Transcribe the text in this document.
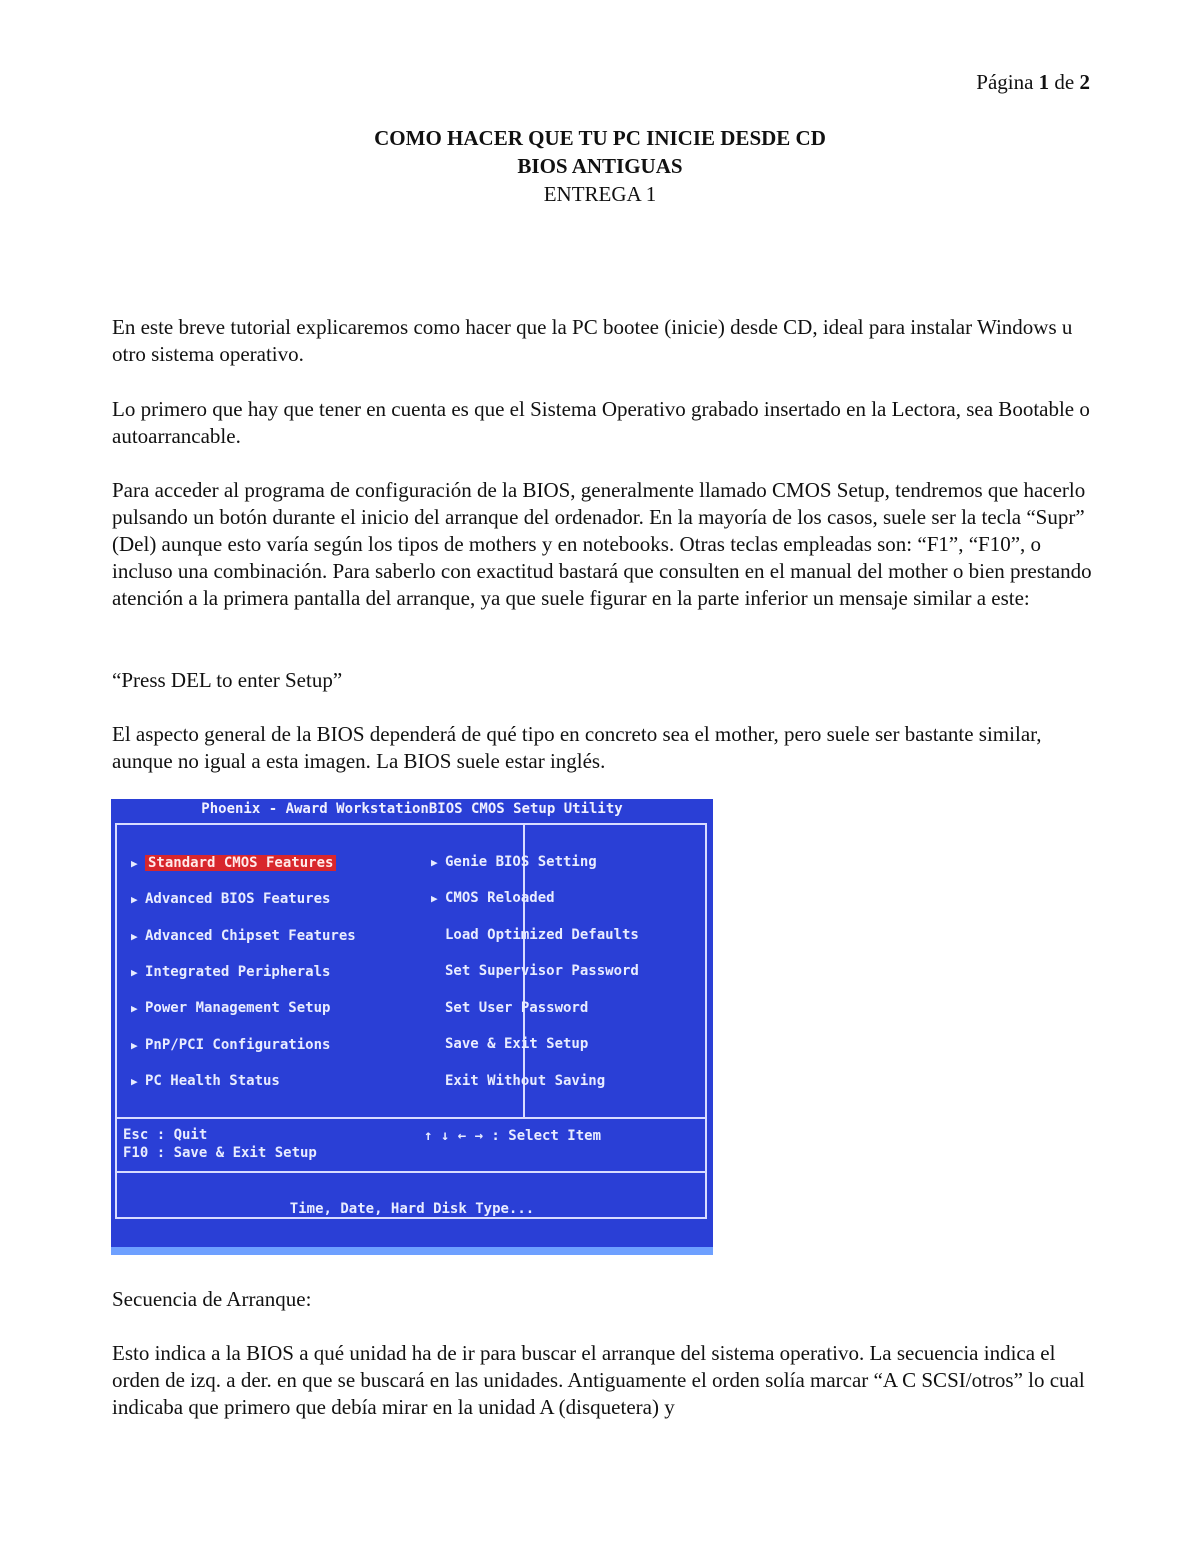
Página 1 de 2
COMO HACER QUE TU PC INICIE DESDE CD
BIOS ANTIGUAS
ENTREGA 1

En este breve tutorial explicaremos como hacer que la PC bootee (inicie) desde CD, ideal para instalar Windows u otro sistema operativo.

Lo primero que hay que tener en cuenta es que el Sistema Operativo grabado insertado en la Lectora, sea Bootable o autoarrancable.

Para acceder al programa de configuración de la BIOS, generalmente llamado CMOS Setup, tendremos que hacerlo pulsando un botón durante el inicio del arranque del ordenador. En la mayoría de los casos, suele ser la tecla “Supr” (Del) aunque esto varía según los tipos de mothers y en notebooks. Otras teclas empleadas son: “F1”, “F10”, o incluso una combinación. Para saberlo con exactitud bastará que consulten en el manual del mother o bien prestando atención a la primera pantalla del arranque, ya que suele figurar en la parte inferior un mensaje similar a este:

“Press DEL to enter Setup”

El aspecto general de la BIOS dependerá de qué tipo en concreto sea el mother, pero suele ser bastante similar, aunque no igual a esta imagen. La BIOS suele estar inglés.

Phoenix - Award WorkstationBIOS CMOS Setup Utility
▶ Standard CMOS Features
▶ Advanced BIOS Features
▶ Advanced Chipset Features
▶ Integrated Peripherals
▶ Power Management Setup
▶ PnP/PCI Configurations
▶ PC Health Status
▶ Genie BIOS Setting
▶ CMOS Reloaded
Load Optimized Defaults
Set Supervisor Password
Set User Password
Save & Exit Setup
Exit Without Saving
Esc : Quit
F10 : Save & Exit Setup
↑ ↓ ← → : Select Item
Time, Date, Hard Disk Type...

Secuencia de Arranque:

Esto indica a la BIOS a qué unidad ha de ir para buscar el arranque del sistema operativo. La secuencia indica el orden de izq. a der. en que se buscará en las unidades. Antiguamente el orden solía marcar “A C SCSI/otros” lo cual indicaba que primero que debía mirar en la unidad A (disquetera) y
